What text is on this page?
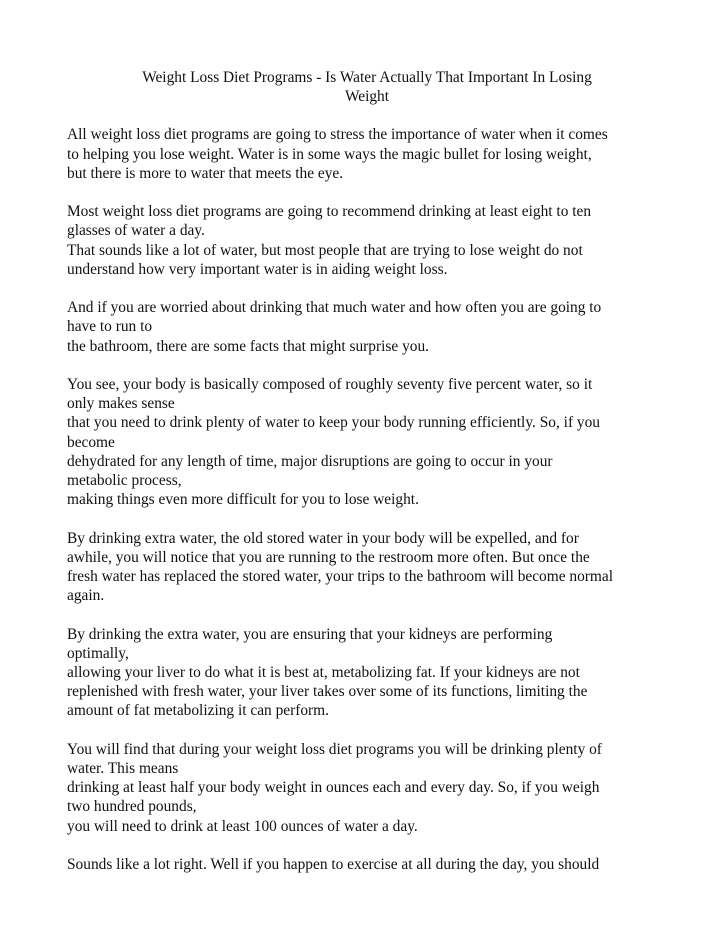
Weight Loss Diet Programs - Is Water Actually That Important In Losing
Weight
All weight loss diet programs are going to stress the importance of water when it comes
to helping you lose weight. Water is in some ways the magic bullet for losing weight,
but there is more to water that meets the eye.
Most weight loss diet programs are going to recommend drinking at least eight to ten
glasses of water a day.
That sounds like a lot of water, but most people that are trying to lose weight do not
understand how very important water is in aiding weight loss.
And if you are worried about drinking that much water and how often you are going to
have to run to
the bathroom, there are some facts that might surprise you.
You see, your body is basically composed of roughly seventy five percent water, so it
only makes sense
that you need to drink plenty of water to keep your body running efficiently. So, if you
become
dehydrated for any length of time, major disruptions are going to occur in your
metabolic process,
making things even more difficult for you to lose weight.
By drinking extra water, the old stored water in your body will be expelled, and for
awhile, you will notice that you are running to the restroom more often. But once the
fresh water has replaced the stored water, your trips to the bathroom will become normal
again.
By drinking the extra water, you are ensuring that your kidneys are performing
optimally,
allowing your liver to do what it is best at, metabolizing fat. If your kidneys are not
replenished with fresh water, your liver takes over some of its functions, limiting the
amount of fat metabolizing it can perform.
You will find that during your weight loss diet programs you will be drinking plenty of
water. This means
drinking at least half your body weight in ounces each and every day. So, if you weigh
two hundred pounds,
you will need to drink at least 100 ounces of water a day.
Sounds like a lot right. Well if you happen to exercise at all during the day, you should
